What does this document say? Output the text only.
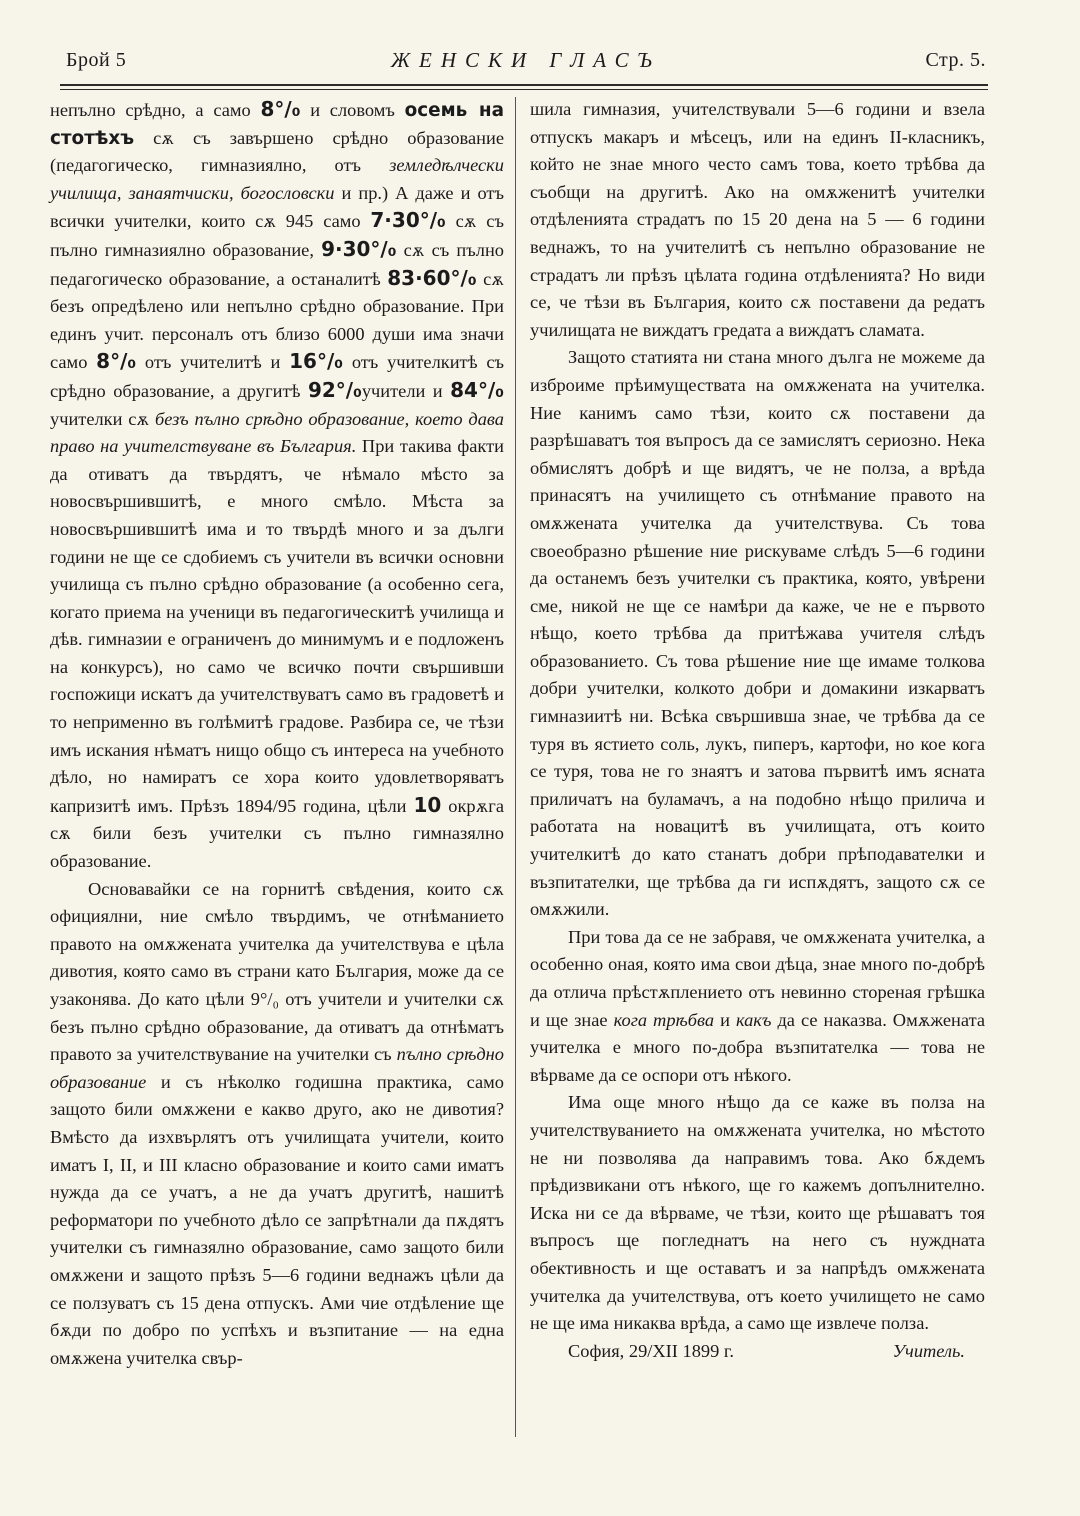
Брой 5	ЖЕНСКИ ГЛАСЪ	Стр. 5.

непълно срѣдно, а само 8°/₀ и словомъ осемь на стотѣхъ сѫ съ завършено срѣдно образование (педагогическо, гимназиялно, отъ земледѣлчески училища, занаятчиски, богословски и пр.) А даже и отъ всички учителки, които сѫ 945 само 7·30°/₀ сѫ съ пълно гимназиялно образование, 9·30°/₀ сѫ съ пълно педагогическо образование, а останалитѣ 83·60°/₀ сѫ безъ опредѣлено или непълно срѣдно образование. При единъ учит. персоналъ отъ близо 6000 души има значи само 8°/₀ отъ учителитѣ и 16°/₀ отъ учителкитѣ съ срѣдно образование, а другитѣ 92°/₀учители и 84°/₀ учителки сѫ безъ пълно срѣдно образование, което дава право на учителствуване въ България. При такива факти да отиватъ да твърдятъ, че нѣмало мѣсто за новосвършившитѣ, е много смѣло. Мѣста за новосвършившитѣ има и то твърдѣ много и за дълги години не ще се сдобиемъ съ учители въ всички основни училища съ пълно срѣдно образование (а особенно сега, когато приема на ученици въ педагогическитѣ училища и дѣв. гимназии е ограниченъ до минимумъ и е подложенъ на конкурсъ), но само че всичко почти свършивши госпожици искатъ да учителствуватъ само въ градоветѣ и то неприменно въ голѣмитѣ градове. Разбира се, че тѣзи имъ искания нѣматъ нищо общо съ интереса на учебното дѣло, но намиратъ се хора които удовлетворяватъ капризитѣ имъ. Прѣзъ 1894/95 година, цѣли 10 окрѫга сѫ били безъ учителки съ пълно гимназялно образование.

Основавайки се на горнитѣ свѣдения, които сѫ официялни, ние смѣло твърдимъ, че отнѣманието правото на омѫжената учителка да учителствува е цѣла дивотия, която само въ страни като България, може да се узаконява. До като цѣли 9°/₀ отъ учители и учителки сѫ безъ пълно срѣдно образование, да отиватъ да отнѣматъ правото за учителствувание на учителки съ пълно срѣдно образование и съ нѣколко годишна практика, само защото били омѫжени е какво друго, ако не дивотия? Вмѣсто да изхвърлятъ отъ училищата учители, които иматъ I, II, и III класно образование и които сами иматъ нужда да се учатъ, а не да учатъ другитѣ, нашитѣ реформатори по учебното дѣло се запрѣтнали да пѫдятъ учителки съ гимназялно образование, само защото били омѫжени и защото прѣзъ 5—6 години веднажъ цѣли да се ползуватъ съ 15 дена отпускъ. Ами чие отдѣление ще бѫди по добро по успѣхъ и възпитание — на една омѫжена учителка свър-

шила гимназия, учителствували 5—6 години и взела отпускъ макаръ и мѣсецъ, или на единъ II-класникъ, който не знае много често самъ това, което трѣбва да съобщи на другитѣ. Ако на омѫженитѣ учителки отдѣленията страдатъ по 15 20 дена на 5 — 6 години веднажъ, то на учителитѣ съ непълно образование не страдатъ ли прѣзъ цѣлата година отдѣленията? Но види се, че тѣзи въ България, които сѫ поставени да редатъ училищата не виждатъ гредата а виждатъ сламата.

Защото статията ни стана много дълга не можеме да изброиме прѣимуществата на омѫжената на учителка. Ние канимъ само тѣзи, които сѫ поставени да разрѣшаватъ тоя въпросъ да се замислятъ сериозно. Нека обмислятъ добрѣ и ще видятъ, че не полза, а врѣда принасятъ на училището съ отнѣмание правото на омѫжената учителка да учителствува. Съ това своеобразно рѣшение ние рискуваме слѣдъ 5—6 години да останемъ безъ учителки съ практика, която, увѣрени сме, никой не ще се намѣри да каже, че не е първото нѣщо, което трѣбва да притѣжава учителя слѣдъ образованието. Съ това рѣшение ние ще имаме толкова добри учителки, колкото добри и домакини изкарватъ гимназиитѣ ни. Всѣка свършивша знае, че трѣбва да се туря въ ястието соль, лукъ, пиперъ, картофи, но кое кога се туря, това не го знаятъ и затова първитѣ имъ ясната приличатъ на буламачъ, а на подобно нѣщо прилича и работата на новацитѣ въ училищата, отъ които учителкитѣ до като станатъ добри прѣподавателки и възпитателки, ще трѣбва да ги испѫдятъ, защото сѫ се омѫжили.

При това да се не забравя, че омѫжената учителка, а особенно оная, която има свои дѣца, знае много по-добрѣ да отлича прѣстѫплението отъ невинно стореная грѣшка и ще знае кога трѣбва и какъ да се наказва. Омѫжената учителка е много по-добра възпитателка — това не вѣрваме да се оспори отъ нѣкого.

Има още много нѣщо да се каже въ полза на учителствуванието на омѫжената учителка, но мѣстото не ни позволява да направимъ това. Ако бѫдемъ прѣдизвикани отъ нѣкого, ще го кажемъ допълнително. Иска ни се да вѣрваме, че тѣзи, които ще рѣшаватъ тоя въпросъ ще погледнатъ на него съ нуждната обективность и ще оставатъ и за напрѣдъ омѫжената учителка да учителствува, отъ което училището не само не ще има никаква врѣда, а само ще извлече полза.

София, 29/XII 1899 г.	Учитель.
